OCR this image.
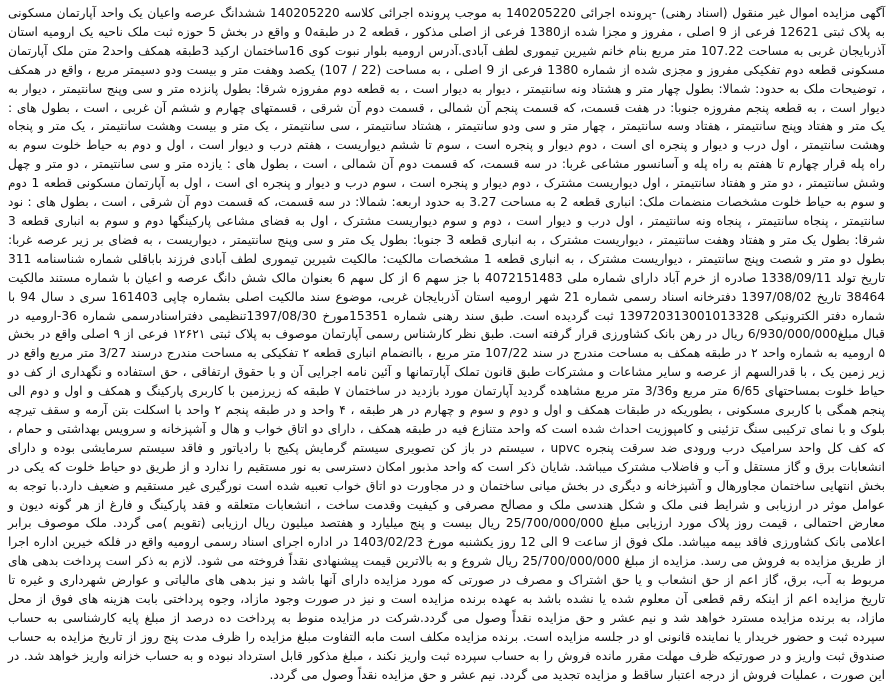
آگهی مزایده اموال غیر منقول (اسناد رهنی) -پرونده اجرائی 140205220 به موجب پرونده اجرائی کلاسه 140205220 ششدانگ عرصه واعیان یک واحد آپارتمان مسکونی به پلاک ثبتی 12621 فرعی از 9 اصلی ، مفروز و مجزا شده از1380 فرعی از اصلی مذکور ، قطعه 2 در طبقه0 و واقع در بخش 5 حوزه ثبت ملک ناحیه یک ارومیه استان آذربایجان غربی به مساحت 107.22 متر مربع بنام خانم شیرین تیموری لطف آبادی.آدرس ارومیه بلوار نبوت کوی 16ساختمان ارکید 3طبقه همکف واحد2 متن ملک آپارتمان مسکونی قطعه دوم تفکیکی مفروز و مجزی شده از شماره 1380 فرعی از 9 اصلی ، به مساحت (22 / 107) یکصد وهفت متر و بیست ودو دسیمتر مربع ، واقع در همکف ، توضیحات ملک به حدود: شمالا: بطول چهار متر و هشتاد ونه سانتیمتر ، دیوار به دیوار است ، به قطعه دوم مفروزه شرقا: بطول پانزده متر و سی وپنج سانتیمتر ، دیوار به دیوار است ، به قطعه پنجم مفروزه جنوبا: در هفت قسمت، که قسمت پنجم آن شمالی ، قسمت دوم آن شرقی ، قسمتهای چهارم و ششم آن غربی ، است ، بطول های : یک متر و هفتاد وپنج سانتیمتر ، هفتاد وسه سانتیمتر ، چهار متر و سی ودو سانتیمتر ، هشتاد سانتیمتر ، سی سانتیمتر ، یک متر و بیست وهشت سانتیمتر ، یک متر و پنجاه وهشت سانتیمتر ، اول درب و دیوار و پنجره ای است ، دوم دیوار و پنجره است ، سوم تا ششم دیواریست ، هفتم درب و دیوار است ، اول و دوم به حیاط خلوت سوم به راه پله قرار چهارم تا هفتم به راه پله و آسانسور مشاعی غربا: در سه قسمت، که قسمت دوم آن شمالی ، است ، بطول های : یازده متر و سی سانتیمتر ، دو متر و چهل وشش سانتیمتر ، دو متر و هفتاد سانتیمتر ، اول دیواریست مشترک ، دوم دیوار و پنجره است ، سوم درب و دیوار و پنجره ای است ، اول به آپارتمان مسکونی قطعه 1 دوم و سوم به حیاط خلوت مشخصات منضمات ملک: انباری قطعه 2 به مساحت 3.27 به حدود اربعه: شمالا: در سه قسمت، که قسمت دوم آن شرقی ، است ، بطول های : نود سانتیمتر ، پنجاه سانتیمتر ، پنجاه ونه سانتیمتر ، اول درب و دیوار است ، دوم و سوم دیواریست مشترک ، اول به فضای مشاعی پارکینگها دوم و سوم به انباری قطعه 3 شرقا: بطول یک متر و هفتاد وهفت سانتیمتر ، دیواریست مشترک ، به انباری قطعه 3 جنوبا: بطول یک متر و سی وپنج سانتیمتر ، دیواریست ، به فضای بر زیر عرصه غربا: بطول دو متر و شصت وپنج سانتیمتر ، دیواریست مشترک ، به انباری قطعه 1 مشخصات مالکیت: مالکیت شیرین تیموری لطف آبادی فرزند باباقلی شماره شناسنامه 311 تاریخ تولد 1338/09/11 صادره از خرم آباد دارای شماره ملی 4072151483 با جز سهم 6 از کل سهم 6 بعنوان مالک شش دانگ عرصه و اعیان با شماره مستند مالکیت 38464 تاریخ 1397/08/02 دفترخانه اسناد رسمی شماره 21 شهر ارومیه استان آذربایجان غربی، موضوع سند مالکیت اصلی بشماره چاپی 161403 سری د سال 94 با شماره دفتر الکترونیکی 139720313001013328 ثبت گردیده است. طبق سند رهنی شماره 15351مورخ 1397/08/30تنظیمی دفتراسنادرسمی شماره 36-ارومیه در قبال مبلغ6/930/000/000 ریال در رهن بانک کشاورزی قرار گرفته است. طبق نظر کارشناس رسمی آپارتمان موصوف به پلاک ثبتی ۱۲۶۲۱ فرعی از ۹ اصلی واقع در بخش ۵ ارومیه به شماره واحد ۲ در طبقه همکف به مساحت مندرج در سند 107/22 متر مربع ، باانضمام انباری قطعه ۲ تفکیکی به مساحت مندرج درسند 3/27 متر مربع واقع در زیر زمین یک ، با قدرالسهم از عرصه و سایر مشاعات و مشترکات طبق قانون تملک آپارتمانها و آئین نامه اجرایی آن و با حقوق ارتفاقی ، حق استفاده و نگهداری از کف دو حیاط خلوت بمساحتهای 6/65 متر مربع و3/36 متر مربع مشاهده گردید آپارتمان مورد بازدید در ساختمان ۷ طبقه که زیرزمین با کاربری پارکینگ و همکف و اول و دوم الی پنجم همگی با کاربری مسکونی ، بطوریکه در طبقات همکف و اول و دوم و سوم و چهارم در هر طبقه ، ۴ واحد و در طبقه پنجم ۲ واحد با اسکلت بتن آرمه و سقف تیرچه بلوک و با نمای ترکیبی سنگ تزئینی و کامپوزیت احداث شده است که واحد متنازع فیه در طبقه همکف ، دارای دو اتاق خواب و هال و آشپزخانه و سرویس بهداشتی و حمام ، که کف کل واحد سرامیک درب ورودی ضد سرقت پنجره upvc ، سیستم در باز کن تصویری سیستم گرمایش پکیج با رادیاتور و فاقد سیستم سرمایشی بوده و دارای انشعابات برق و گاز مستقل و آب و فاضلاب مشترک میباشد. شایان ذکر است که واحد مذبور امکان دسترسی به نور مستقیم را ندارد و از طریق دو حیاط خلوت که یکی در بخش انتهایی ساختمان مجاورهال و آشپزخانه و دیگری در بخش میانی ساختمان و در مجاورت دو اتاق خواب تعبیه شده است نورگیری غیر مستقیم و ضعیف دارد.با توجه به عوامل موثر در ارزیابی و شرایط فنی ملک و شکل هندسی ملک و مصالح مصرفی و کیفیت وقدمت ساخت ، انشعابات متعلقه و فقد پارکینگ و فارغ از هر گونه دیون و معارض احتمالی ، قیمت روز پلاک مورد ارزیابی مبلغ 25/700/000/000 ریال بیست و پنج میلیارد و هفتصد میلیون ریال ارزیابی (تقویم )می گردد. ملک موصوف برابر اعلامی بانک کشاورزی فاقد بیمه میباشد. ملک فوق از ساعت 9 الی 12 روز یکشنبه مورخ 1403/02/23 در اداره اجرای اسناد رسمی ارومیه واقع در فلکه خیرین اداره اجرا از طریق مزایده به فروش می رسد. مزایده از مبلغ 25/700/000/000 ریال شروع و به بالاترین قیمت پیشنهادی نقداً فروخته می شود. لازم به ذکر است پرداخت بدهی های مربوط به آب، برق، گاز اعم از حق انشعاب و یا حق اشتراک و مصرف در صورتی که مورد مزایده دارای آنها باشد و نیز بدهی های مالیاتی و عوارض شهرداری و غیره تا تاریخ مزایده اعم از اینکه رقم قطعی آن معلوم شده یا نشده باشد به عهده برنده مزایده است و نیز در صورت وجود مازاد، وجوه پرداختی بابت هزینه های فوق از محل مازاد، به برنده مزایده مسترد خواهد شد و نیم عشر و حق مزایده نقداً وصول می گردد.شرکت در مزایده منوط به پرداخت ده درصد از مبلغ پایه کارشناسی به حساب سپرده ثبت و حضور خریدار یا نماینده قانونی او در جلسه مزایده است. برنده مزایده مکلف است مابه التفاوت مبلغ مزایده را ظرف مدت پنج روز از تاریخ مزایده به حساب صندوق ثبت واریز و در صورتیکه ظرف مهلت مقرر مانده فروش را به حساب سپرده ثبت واریز نکند ، مبلغ مذکور قابل استرداد نبوده و به حساب خزانه واریز خواهد شد. در این صورت ، عملیات فروش از درجه اعتبار ساقط و مزایده تجدید می گردد. نیم عشر و حق مزایده نقداً وصول می گردد.
